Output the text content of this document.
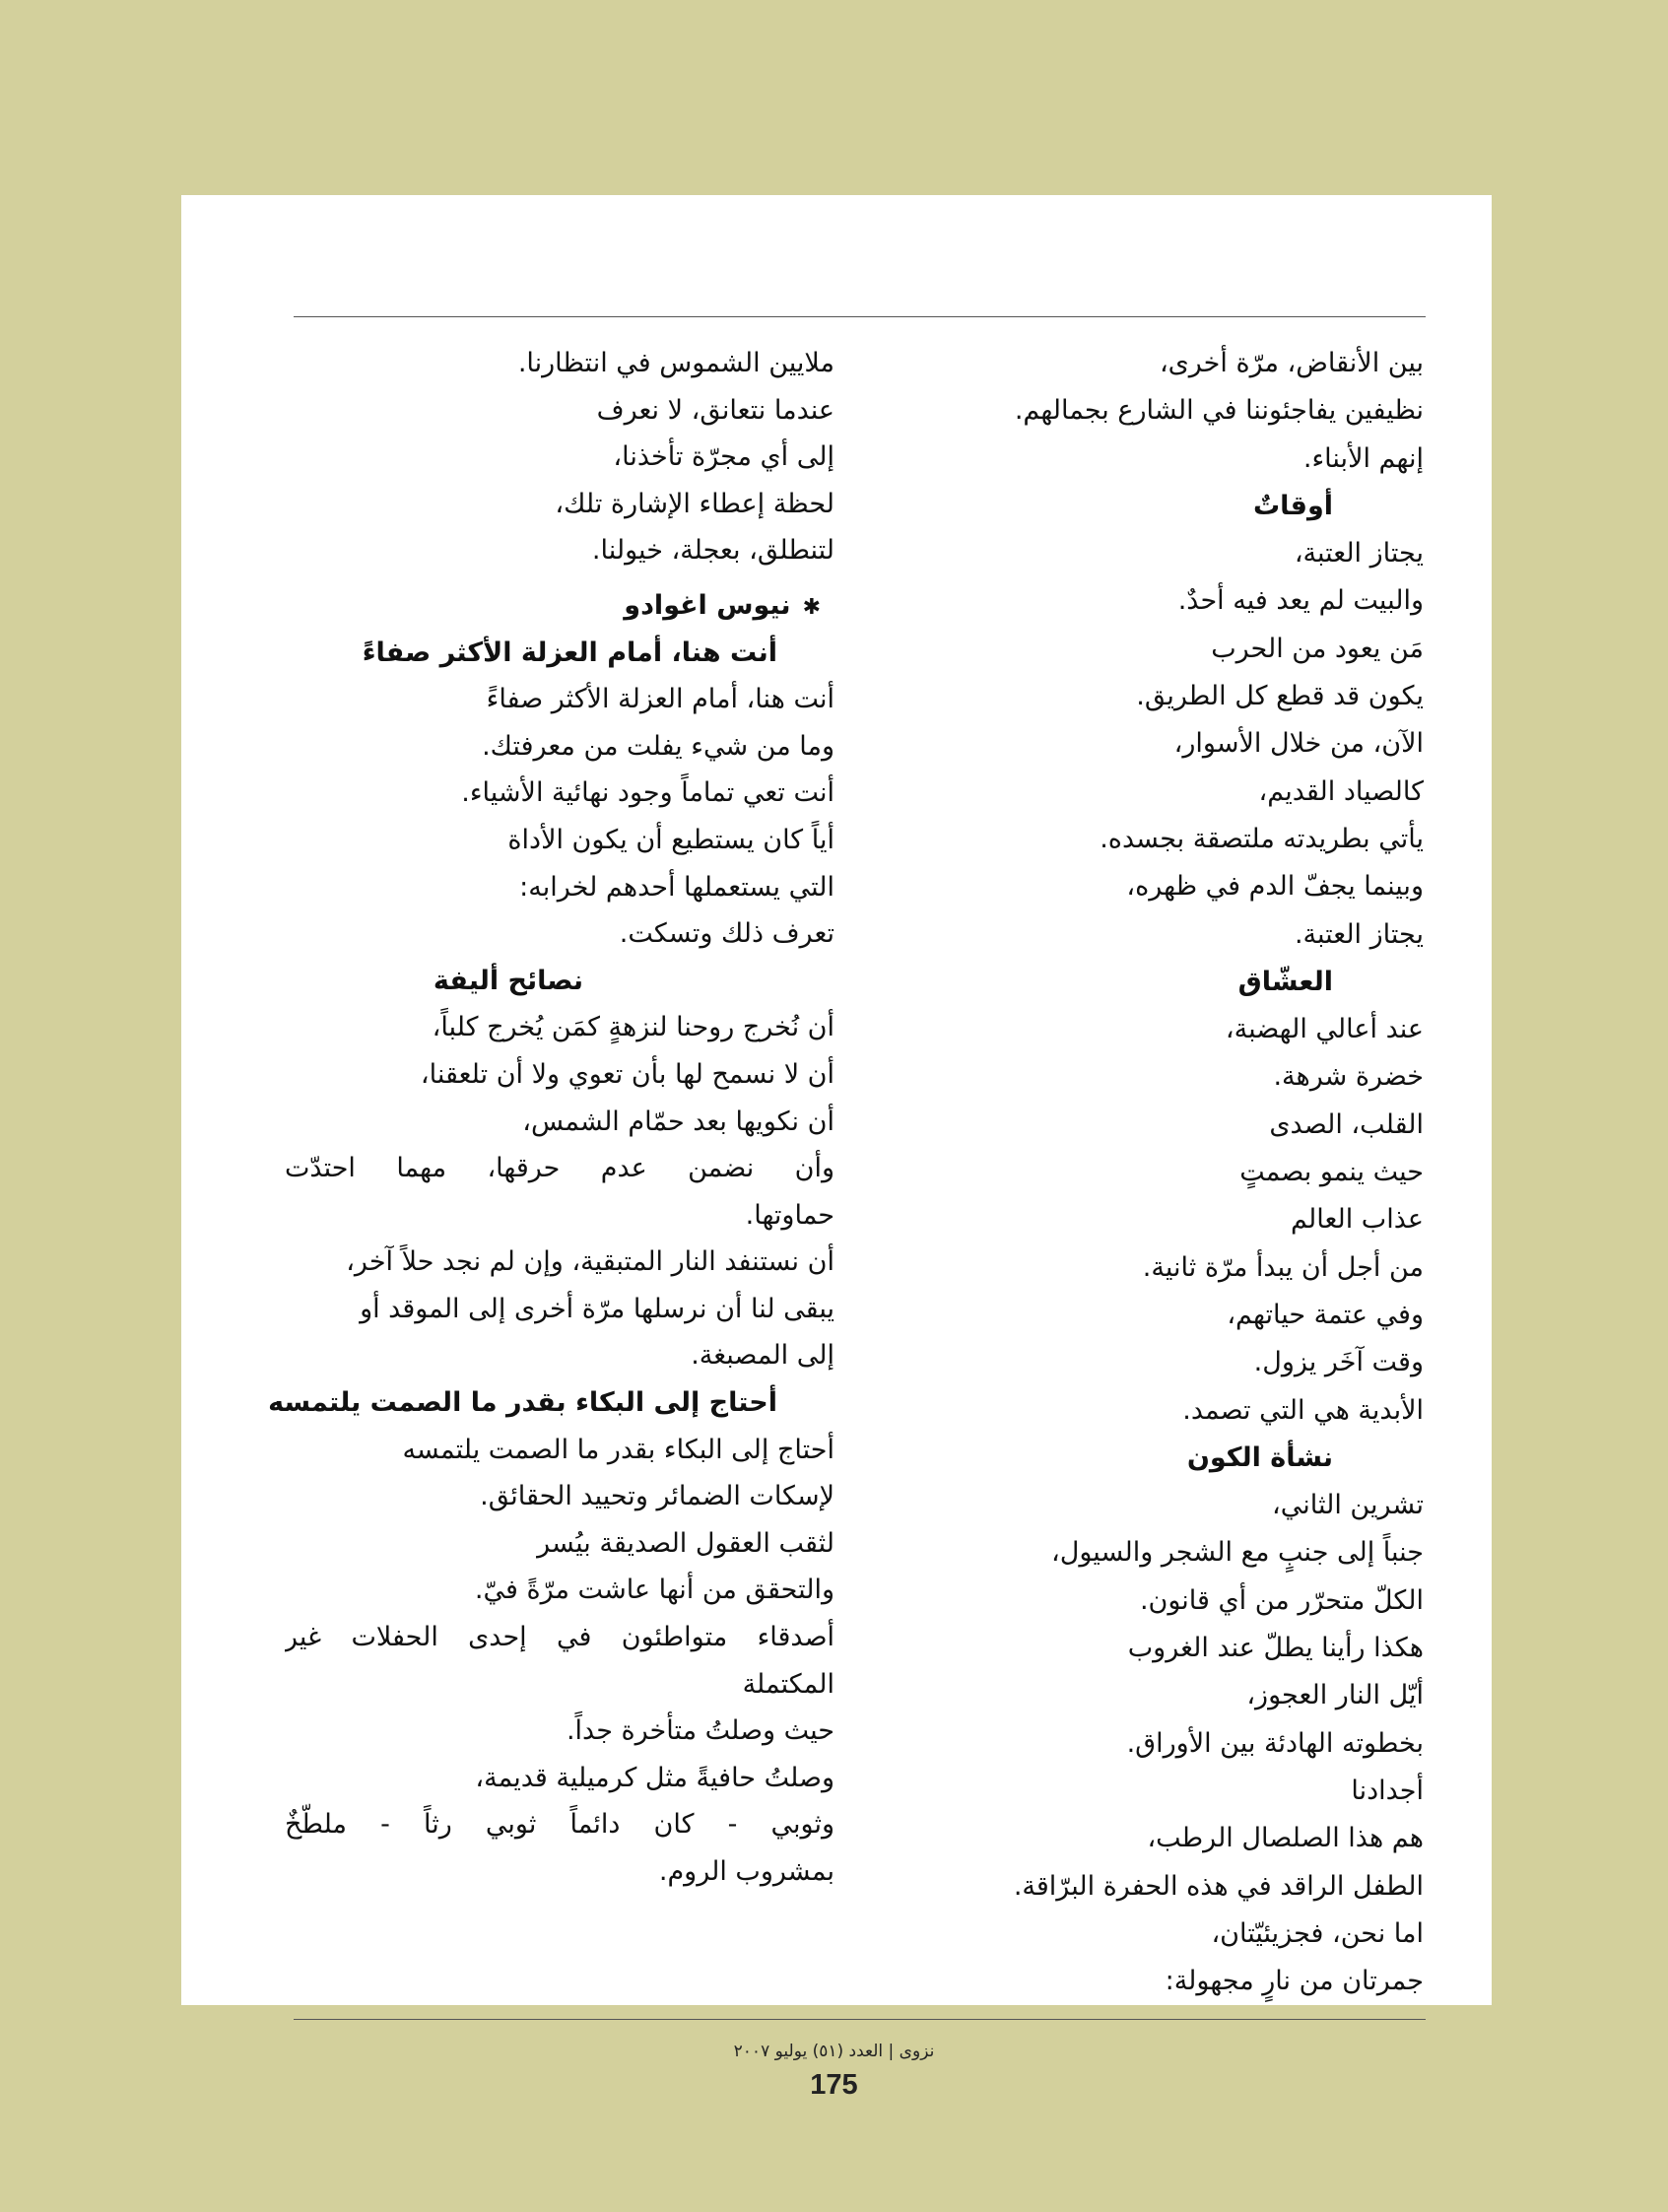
بين الأنقاض، مرّة أخرى،
نظيفين يفاجئوننا في الشارع بجمالهم.
إنهم الأبناء.
أوقاتٌ
يجتاز العتبة،
والبيت لم يعد فيه أحدٌ.
مَن يعود من الحرب
يكون قد قطع كل الطريق.
الآن، من خلال الأسوار،
كالصياد القديم،
يأتي بطريدته ملتصقة بجسده.
وبينما يجفّ الدم في ظهره،
يجتاز العتبة.
العشّاق
عند أعالي الهضبة،
خضرة شرهة.
القلب، الصدى
حيث ينمو بصمتٍ
عذاب العالم
من أجل أن يبدأ مرّة ثانية.
وفي عتمة حياتهم،
وقت آخَر يزول.
الأبدية هي التي تصمد.
نشأة الكون
تشرين الثاني،
جنباً إلى جنبٍ مع الشجر والسيول،
الكلّ متحرّر من أي قانون.
هكذا رأينا يطلّ عند الغروب
أيّل النار العجوز،
بخطوته الهادئة بين الأوراق.
أجدادنا
هم هذا الصلصال الرطب،
الطفل الراقد في هذه الحفرة البرّاقة.
اما نحن، فجزيئيّتان،
جمرتان من نارٍ مجهولة:
ملايين الشموس في انتظارنا.
عندما نتعانق، لا نعرف
إلى أي مجرّة تأخذنا،
لحظة إعطاء الإشارة تلك،
لتنطلق، بعجلة، خيولنا.
✱نيوس اغوادو
أنت هنا، أمام العزلة الأكثر صفاءً
أنت هنا، أمام العزلة الأكثر صفاءً
وما من شيء يفلت من معرفتك.
أنت تعي تماماً وجود نهائية الأشياء.
أياً كان يستطيع أن يكون الأداة
التي يستعملها أحدهم لخرابه:
تعرف ذلك وتسكت.
نصائح أليفة
أن نُخرج روحنا لنزهةٍ كمَن يُخرج كلباً،
أن لا نسمح لها بأن تعوي ولا أن تلعقنا،
أن نكويها بعد حمّام الشمس،
وأن نضمن عدم حرقها، مهما احتدّت
حماوتها.
أن نستنفد النار المتبقية، وإن لم نجد حلاً آخر،
يبقى لنا أن نرسلها مرّة أخرى إلى الموقد أو
إلى المصبغة.
أحتاج إلى البكاء بقدر ما الصمت يلتمسه
أحتاج إلى البكاء بقدر ما الصمت يلتمسه
لإسكات الضمائر وتحييد الحقائق.
لثقب العقول الصديقة بيُسر
والتحقق من أنها عاشت مرّةً فيّ.
أصدقاء متواطئون في إحدى الحفلات غير
المكتملة
حيث وصلتُ متأخرة جداً.
وصلتُ حافيةً مثل كرميلية قديمة،
وثوبي - كان دائماً ثوبي رثاً - ملطّخٌ
بمشروب الروم.
نزوى | العدد (٥١) يوليو ٢٠٠٧
175
